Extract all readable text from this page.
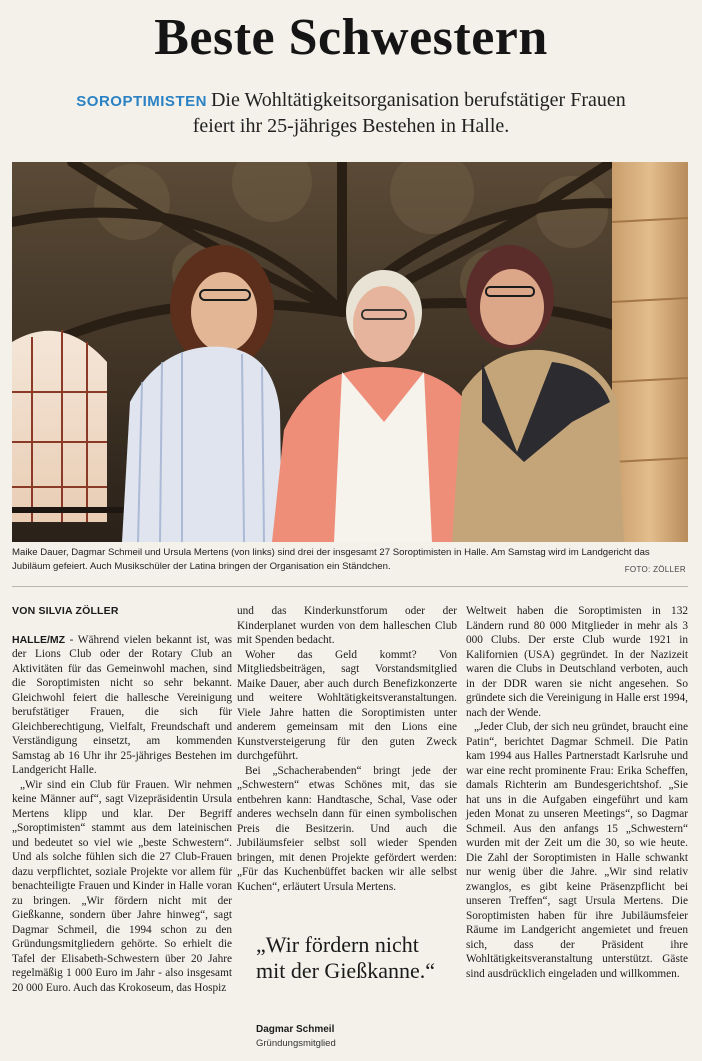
Beste Schwestern
SOROPTIMISTEN Die Wohltätigkeitsorganisation berufstätiger Frauen
feiert ihr 25-jähriges Bestehen in Halle.
Maike Dauer, Dagmar Schmeil und Ursula Mertens (von links) sind drei der insgesamt 27 Soroptimisten in Halle. Am Samstag wird im Landgericht das Jubiläum gefeiert. Auch Musikschüler der Latina bringen der Organisation ein Ständchen.	FOTO: ZÖLLER
VON SILVIA ZÖLLER

HALLE/MZ - Während vielen bekannt ist, was der Lions Club oder der Rotary Club an Aktivitäten für das Gemeinwohl machen, sind die Soroptimisten nicht so sehr bekannt. Gleichwohl feiert die hallesche Vereinigung berufstätiger Frauen, die sich für Gleichberechtigung, Vielfalt, Freundschaft und Verständigung einsetzt, am kommenden Samstag ab 16 Uhr ihr 25-jähriges Bestehen im Landgericht Halle.

„Wir sind ein Club für Frauen. Wir nehmen keine Männer auf“, sagt Vizepräsidentin Ursula Mertens klipp und klar. Der Begriff „Soroptimisten“ stammt aus dem lateinischen und bedeutet so viel wie „beste Schwestern“. Und als solche fühlen sich die 27 Club-Frauen dazu verpflichtet, soziale Projekte vor allem für benachteiligte Frauen und Kinder in Halle voran zu bringen. „Wir fördern nicht mit der Gießkanne, sondern über Jahre hinweg“, sagt Dagmar Schmeil, die 1994 schon zu den Gründungsmitgliedern gehörte. So erhielt die Tafel der Elisabeth-Schwestern über 20 Jahre regelmäßig 1 000 Euro im Jahr - also insgesamt 20 000 Euro. Auch das Krokoseum, das Hospiz

und das Kinderkunstforum oder der Kinderplanet wurden von dem halleschen Club mit Spenden bedacht.

Woher das Geld kommt? Von Mitgliedsbeiträgen, sagt Vorstandsmitglied Maike Dauer, aber auch durch Benefizkonzerte und weitere Wohltätigkeitsveranstaltungen. Viele Jahre hatten die Soroptimisten unter anderem gemeinsam mit den Lions eine Kunstversteigerung für den guten Zweck durchgeführt.

Bei „Schacherabenden“ bringt jede der „Schwestern“ etwas Schönes mit, das sie entbehren kann: Handtasche, Schal, Vase oder anderes wechseln dann für einen symbolischen Preis die Besitzerin. Und auch die Jubiläumsfeier selbst soll wieder Spenden bringen, mit denen Projekte gefördert werden: „Für das Kuchenbüffet backen wir alle selbst Kuchen“, erläutert Ursula Mertens.

„Wir fördern nicht mit der Gießkanne.“
Dagmar Schmeil
Gründungsmitglied

Weltweit haben die Soroptimisten in 132 Ländern rund 80 000 Mitglieder in mehr als 3 000 Clubs. Der erste Club wurde 1921 in Kalifornien (USA) gegründet. In der Nazizeit waren die Clubs in Deutschland verboten, auch in der DDR waren sie nicht angesehen. So gründete sich die Vereinigung in Halle erst 1994, nach der Wende.

„Jeder Club, der sich neu gründet, braucht eine Patin“, berichtet Dagmar Schmeil. Die Patin kam 1994 aus Halles Partnerstadt Karlsruhe und war eine recht prominente Frau: Erika Scheffen, damals Richterin am Bundesgerichtshof. „Sie hat uns in die Aufgaben eingeführt und kam jeden Monat zu unseren Meetings“, so Dagmar Schmeil. Aus den anfangs 15 „Schwestern“ wurden mit der Zeit um die 30, so wie heute. Die Zahl der Soroptimisten in Halle schwankt nur wenig über die Jahre. „Wir sind relativ zwanglos, es gibt keine Präsenzpflicht bei unseren Treffen“, sagt Ursula Mertens. Die Soroptimisten haben für ihre Jubiläumsfeier Räume im Landgericht angemietet und freuen sich, dass der Präsident ihre Wohltätigkeitsveranstaltung unterstützt. Gäste sind ausdrücklich eingeladen und willkommen.
